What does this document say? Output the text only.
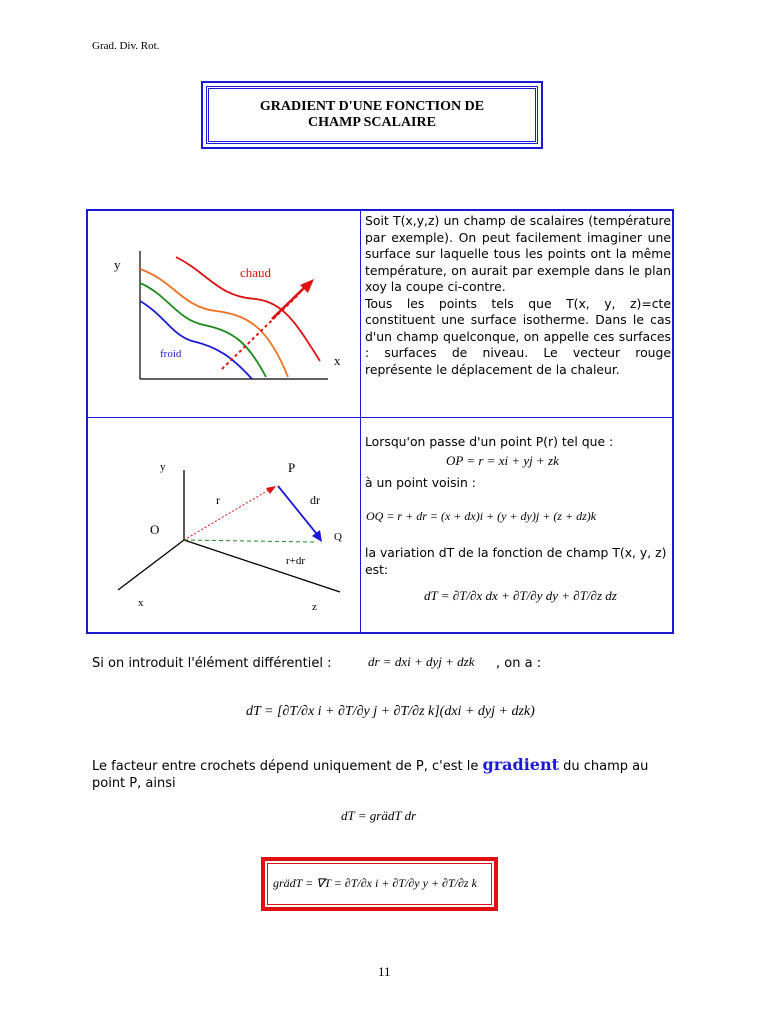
Grad. Div. Rot.
GRADIENT D'UNE FONCTION DE
CHAMP SCALAIRE
y
x
chaud
froid
Soit T(x,y,z) un champ de scalaires (température par exemple). On peut facilement imaginer une surface sur laquelle tous les points ont la même température, on aurait par exemple dans le plan xoy la coupe ci-contre.
Tous les points tels que T(x, y, z)=cte constituent une surface isotherme. Dans le cas d'un champ quelconque, on appelle ces surfaces : surfaces de niveau. Le vecteur rouge représente le déplacement de la chaleur.
y
x	z
O
P
Q
r	dr
r+dr
Lorsqu'on passe d'un point P(r) tel que :
OP = r = xi + yj + zk
à un point voisin :
OQ = r + dr = (x + dx)i + (y + dy)j + (z + dz)k
la variation dT de la fonction de champ T(x, y, z) est:
dT = ∂T/∂x dx + ∂T/∂y dy + ∂T/∂z dz
Si on introduit l'élément différentiel :	dr = dxi + dyj + dzk , on a :
dT = [∂T/∂x i + ∂T/∂y j + ∂T/∂z k](dxi + dyj + dzk)
Le facteur entre crochets dépend uniquement de P, c'est le gradient du champ au
point P, ainsi
dT = grädT dr
grädT = ∇T = ∂T/∂x i + ∂T/∂y y + ∂T/∂z k
11
